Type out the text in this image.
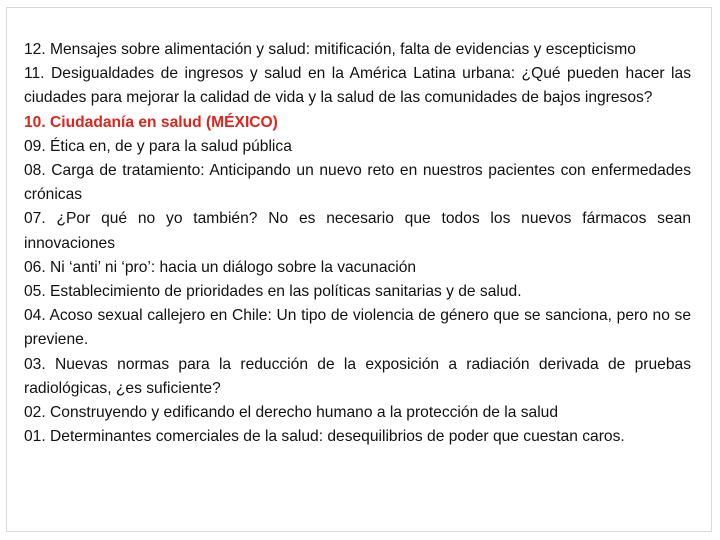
12. Mensajes sobre alimentación y salud: mitificación, falta de evidencias y escepticismo

11. Desigualdades de ingresos y salud en la América Latina urbana: ¿Qué pueden hacer las ciudades para mejorar la calidad de vida y la salud de las comunidades de bajos ingresos?

10. Ciudadanía en salud (MÉXICO)

09. Ética en, de y para la salud pública

08. Carga de tratamiento: Anticipando un nuevo reto en nuestros pacientes con enfermedades crónicas

07. ¿Por qué no yo también? No es necesario que todos los nuevos fármacos sean innovaciones

06. Ni ‘anti’ ni ‘pro’: hacia un diálogo sobre la vacunación

05. Establecimiento de prioridades en las políticas sanitarias y de salud.

04. Acoso sexual callejero en Chile: Un tipo de violencia de género que se sanciona, pero no se previene.

03. Nuevas normas para la reducción de la exposición a radiación derivada de pruebas radiológicas, ¿es suficiente?

02. Construyendo y edificando el derecho humano a la protección de la salud

01. Determinantes comerciales de la salud: desequilibrios de poder que cuestan caros.
